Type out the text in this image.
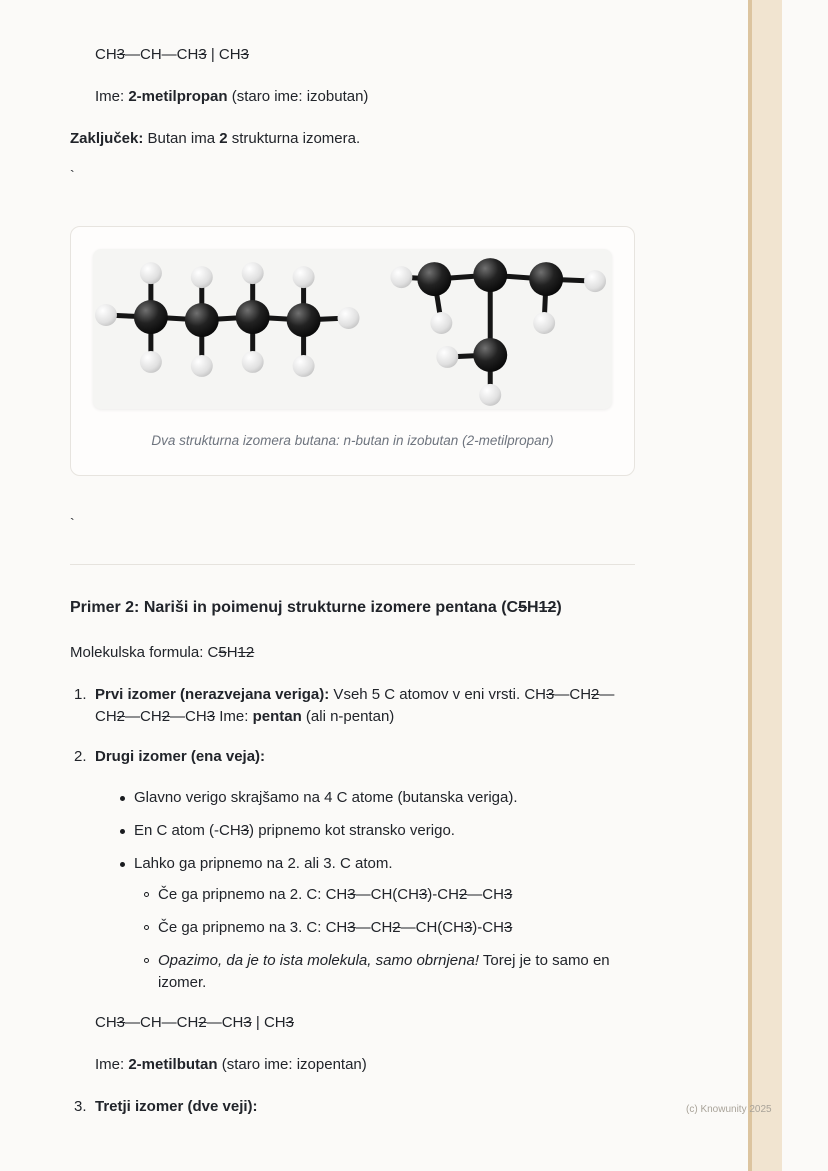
CH3—CH—CH3 | CH3

Ime: 2-metilpropan (staro ime: izobutan)

Zaključek: Butan ima 2 strukturna izomera.

`

Dva strukturna izomera butana: n-butan in izobutan (2-metilpropan)

`

Primer 2: Nariši in poimenuj strukturne izomere pentana (C5H12)

Molekulska formula: C5H12

1. Prvi izomer (nerazvejana veriga): Vseh 5 C atomov v eni vrsti. CH3—CH2—CH2—CH2—CH3 Ime: pentan (ali n-pentan)
2. Drugi izomer (ena veja):
Glavno verigo skrajšamo na 4 C atome (butanska veriga).
En C atom (-CH3) pripnemo kot stransko verigo.
Lahko ga pripnemo na 2. ali 3. C atom.
Če ga pripnemo na 2. C: CH3—CH(CH3)-CH2—CH3
Če ga pripnemo na 3. C: CH3—CH2—CH(CH3)-CH3
Opazimo, da je to ista molekula, samo obrnjena! Torej je to samo en izomer.

CH3—CH—CH2—CH3 | CH3

Ime: 2-metilbutan (staro ime: izopentan)

3. Tretji izomer (dve veji):	(c) Knowunity 2025
